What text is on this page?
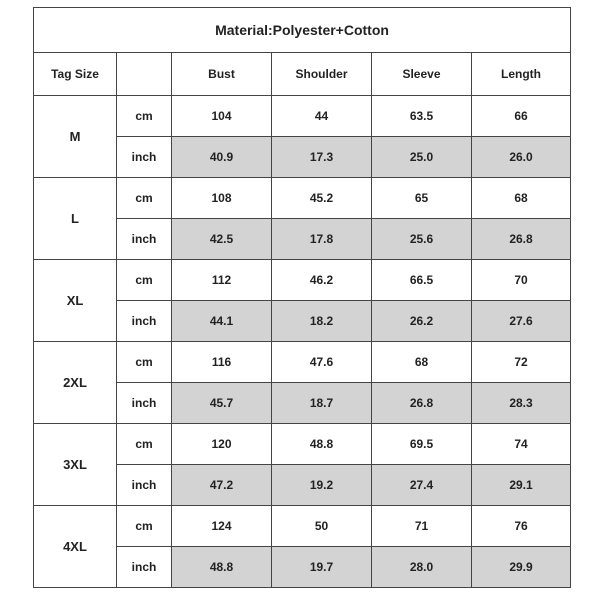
Material:Polyester+Cotton					
Tag Size		Bust	Shoulder	Sleeve	Length
M	cm	104	44	63.5	66
	inch	40.9	17.3	25.0	26.0
L	cm	108	45.2	65	68
	inch	42.5	17.8	25.6	26.8
XL	cm	112	46.2	66.5	70
	inch	44.1	18.2	26.2	27.6
2XL	cm	116	47.6	68	72
	inch	45.7	18.7	26.8	28.3
3XL	cm	120	48.8	69.5	74
	inch	47.2	19.2	27.4	29.1
4XL	cm	124	50	71	76
	inch	48.8	19.7	28.0	29.9
